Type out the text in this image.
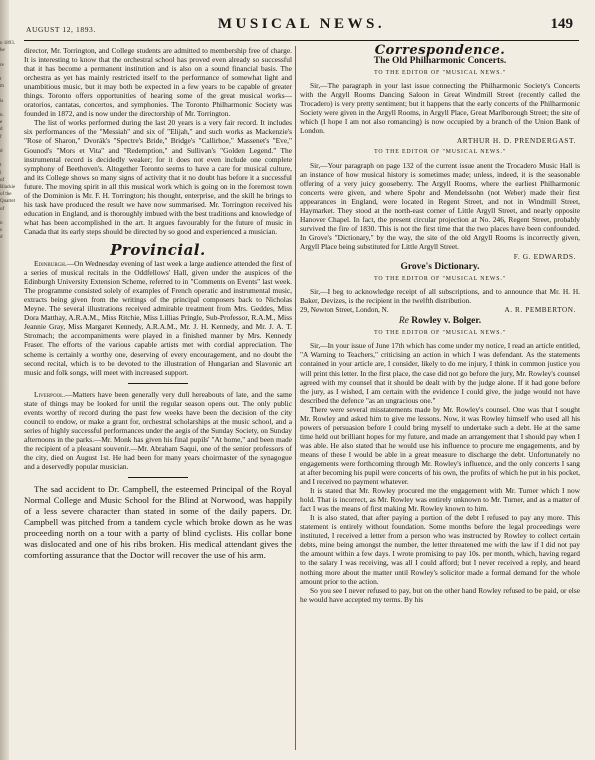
n 1893.
he

re

t
m

is

n.
e
d
f

d

t
l
of
Blackie
of the
Quartet
of

n
s
d
AUGUST 12, 1893.	MUSICAL NEWS.	149

director, Mr. Torrington, and College students are admitted to membership free of charge. It is interesting to know that the orchestral school has proved even already so successful that it has become a permanent institution and is also on a sound financial basis. The orchestra as yet has mainly restricted itself to the performance of somewhat light and unambitious music, but it may both be expected in a few years to be capable of greater things. Toronto offers opportunities of hearing some of the great musical works—oratorios, cantatas, concertos, and symphonies. The Toronto Philharmonic Society was founded in 1872, and is now under the directorship of Mr. Torrington.

The list of works performed during the last 20 years is a very fair record. It includes six performances of the "Messiah" and six of "Elijah," and such works as Mackenzie's "Rose of Sharon," Dvorák's "Spectre's Bride," Bridge's "Callirhoe," Massenet's "Eve," Gounod's "Mors et Vita" and "Redemption," and Sullivan's "Golden Legend." The instrumental record is decidedly weaker; for it does not even include one complete symphony of Beethoven's. Altogether Toronto seems to have a care for musical culture, and its College shows so many signs of activity that it no doubt has before it a successful future. The moving spirit in all this musical work which is going on in the foremost town of the Dominion is Mr. F. H. Torrington; his thought, enterprise, and the skill he brings to his task have produced the result we have now summarised. Mr. Torrington received his education in England, and is thoroughly imbued with the best traditions and knowledge of what has been accomplished in the art. It argues favourably for the future of music in Canada that its early steps should be directed by so good and experienced a musician.

Provincial.

Edinburgh.—On Wednesday evening of last week a large audience attended the first of a series of musical recitals in the Oddfellows' Hall, given under the auspices of the Edinburgh University Extension Scheme, referred to in "Comments on Events" last week. The programme consisted solely of examples of French operatic and instrumental music, extracts being given from the writings of the principal composers back to Nicholas Meyne. The several illustrations received admirable treatment from Mrs. Geddes, Miss Dora Matthay, A.R.A.M., Miss Ritchie, Miss Lillias Pringle, Sub-Professor, R.A.M., Miss Jeannie Gray, Miss Margaret Kennedy, A.R.A.M., Mr. J. H. Kennedy, and Mr. J. A. T. Stromach; the accompaniments were played in a finished manner by Mrs. Kennedy Fraser. The efforts of the various capable artists met with cordial appreciation. The scheme is certainly a worthy one, deserving of every encouragement, and no doubt the second recital, which is to be devoted to the illustration of Hungarian and Slavonic art music and folk songs, will meet with increased support.

Liverpool.—Matters have been generally very dull hereabouts of late, and the same state of things may be looked for until the regular season opens out. The only public events worthy of record during the past few weeks have been the decision of the city council to endow, or make a grant for, orchestral scholarships at the music school, and a series of highly successful performances under the aegis of the Sunday Society, on Sunday afternoons in the parks.—Mr. Monk has given his final pupils' "At home," and been made the recipient of a pleasant souvenir.—Mr. Abraham Saqui, one of the senior professors of the city, died on August 1st. He had been for many years choirmaster of the synagogue and a deservedly popular musician.

The sad accident to Dr. Campbell, the esteemed Principal of the Royal Normal College and Music School for the Blind at Norwood, was happily of a less severe character than stated in some of the daily papers. Dr. Campbell was pitched from a tandem cycle which broke down as he was proceeding north on a tour with a party of blind cyclists. His collar bone was dislocated and one of his ribs broken. His medical attendant gives the comforting assurance that the Doctor will recover the use of his arm.

Correspondence.
The Old Philharmonic Concerts.
TO THE EDITOR OF "MUSICAL NEWS."

Sir,—The paragraph in your last issue connecting the Philharmonic Society's Concerts with the Argyll Rooms Dancing Saloon in Great Windmill Street (recently called the Trocadero) is very pretty sentiment; but it happens that the early concerts of the Philharmonic Society were given in the Argyll Rooms, in Argyll Place, Great Marlborough Street; the site of which (I hope I am not also romancing) is now occupied by a branch of the Union Bank of London.

ARTHUR H. D. PRENDERGAST.
TO THE EDITOR OF "MUSICAL NEWS."

Sir,—Your paragraph on page 132 of the current issue anent the Trocadero Music Hall is an instance of how musical history is sometimes made; unless, indeed, it is the seasonable offering of a very juicy gooseberry. The Argyll Rooms, where the earliest Philharmonic concerts were given, and where Spohr and Mendelssohn (not Weber) made their first appearances in England, were located in Regent Street, and not in Windmill Street, Haymarket. They stood at the north-east corner of Little Argyll Street, and nearly opposite Hanover Chapel. In fact, the present circular projection at No. 246, Regent Street, probably survived the fire of 1830. This is not the first time that the two places have been confounded. In Grove's "Dictionary," by the way, the site of the old Argyll Rooms is incorrectly given, Argyll Place being substituted for Little Argyll Street.

F. G. EDWARDS.
Grove's Dictionary.
TO THE EDITOR OF "MUSICAL NEWS."

Sir,—I beg to acknowledge receipt of all subscriptions, and to announce that Mr. H. H. Baker, Devizes, is the recipient in the twelfth distribution.

29, Newton Street, London, N.	A. R. PEMBERTON.
Re Rowley v. Bolger.
TO THE EDITOR OF "MUSICAL NEWS."

Sir,—In your issue of June 17th which has come under my notice, I read an article entitled, "A Warning to Teachers," criticising an action in which I was defendant. As the statements contained in your article are, I consider, likely to do me injury, I think in common justice you will print this letter. In the first place, the case did not go before the jury, Mr. Rowley's counsel agreed with my counsel that it should be dealt with by the judge alone. If it had gone before the jury, as I wished, I am certain with the evidence I could give, the judge would not have described the defence "as an ungracious one."

There were several misstatements made by Mr. Rowley's counsel. One was that I sought Mr. Rowley and asked him to give me lessons. Now, it was Rowley himself who used all his powers of persuasion before I could bring myself to undertake such a debt. He at the same time held out brilliant hopes for my future, and made an arrangement that I should pay when I was able. He also stated that he would use his influence to procure me engagements, and by means of these I would be able in a great measure to discharge the debt. Unfortunately no engagements were forthcoming through Mr. Rowley's influence, and the only concerts I sang at after becoming his pupil were concerts of his own, the profits of which he put in his pocket, and I received no payment whatever.

It is stated that Mr. Rowley procured me the engagement with Mr. Turner which I now hold. That is incorrect, as Mr. Rowley was entirely unknown to Mr. Turner, and as a matter of fact I was the means of first making Mr. Rowley known to him.

It is also stated, that after paying a portion of the debt I refused to pay any more. This statement is entirely without foundation. Some months before the legal proceedings were instituted, I received a letter from a person who was instructed by Rowley to collect certain debts, mine being amongst the number, the letter threatened me with the law if I did not pay the amount within a few days. I wrote promising to pay 10s. per month, which, having regard to the salary I was receiving, was all I could afford; but I never received a reply, and heard nothing more about the matter until Rowley's solicitor made a formal demand for the whole amount prior to the action.

So you see I never refused to pay, but on the other hand Rowley refused to be paid, or else he would have accepted my terms. By his
